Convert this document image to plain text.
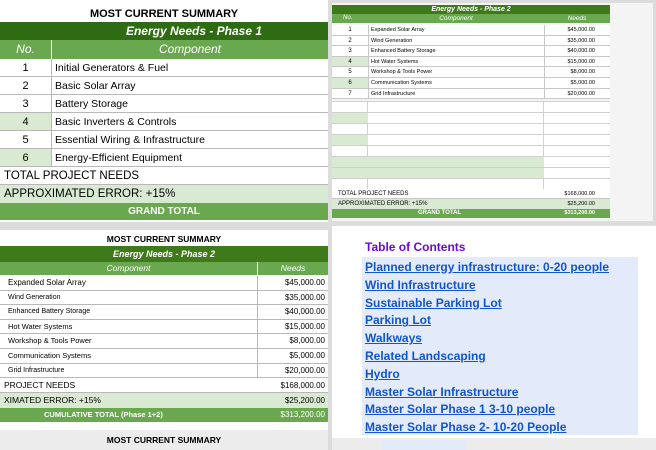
MOST CURRENT SUMMARY
Energy Needs - Phase 1
No.	Component
1	Initial Generators & Fuel
2	Basic Solar Array
3	Battery Storage
4	Basic Inverters & Controls
5	Essential Wiring & Infrastructure
6	Energy-Efficient Equipment
TOTAL PROJECT NEEDS
APPROXIMATED ERROR: +15%
GRAND TOTAL
Energy Needs - Phase 2
No.	Component	Needs
1	Expanded Solar Array	$45,000.00
2	Wind Generation	$35,000.00
3	Enhanced Battery Storage	$40,000.00
4	Hot Water Systems	$15,000.00
5	Workshop & Tools Power	$8,000.00
6	Communication Systems	$5,000.00
7	Grid Infrastructure	$20,000.00
TOTAL PROJECT NEEDS	$168,000.00
APPROXIMATED ERROR: +15%	$25,200.00
GRAND TOTAL	$313,200.00
MOST CURRENT SUMMARY
Energy Needs - Phase 2
Component	Needs
Expanded Solar Array	$45,000.00
Wind Generation	$35,000.00
Enhanced Battery Storage	$40,000.00
Hot Water Systems	$15,000.00
Workshop & Tools Power	$8,000.00
Communication Systems	$5,000.00
Grid Infrastructure	$20,000.00
PROJECT NEEDS	$168,000.00
XIMATED ERROR: +15%	$25,200.00
CUMULATIVE TOTAL (Phase 1+2)	$313,200.00
MOST CURRENT SUMMARY
Table of Contents
Planned energy infrastructure: 0-20 people
Wind Infrastructure
Sustainable Parking Lot
Parking Lot
Walkways
Related Landscaping
Hydro
Master Solar Infrastructure
Master Solar Phase 1 3-10 people
Master Solar Phase 2- 10-20 People
